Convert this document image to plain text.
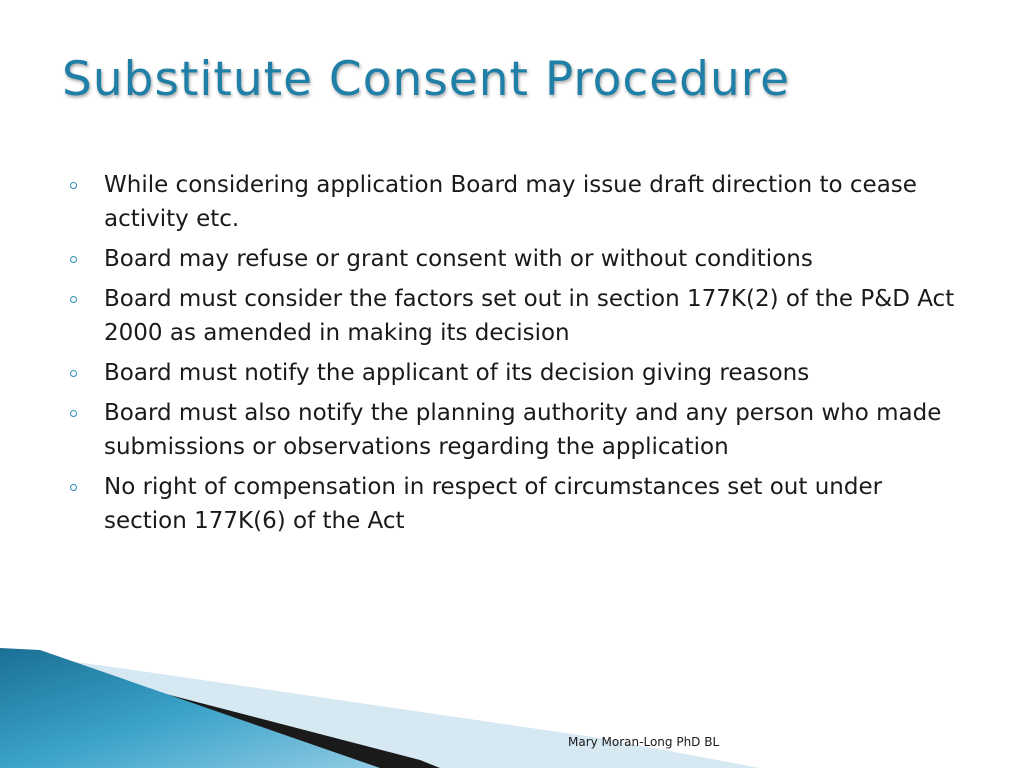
Substitute Consent Procedure
While considering application Board may issue draft direction to cease activity etc.
Board may refuse or grant consent with or without conditions
Board must consider the factors set out in section 177K(2) of the P&D Act 2000 as amended in making its decision
Board must notify the applicant of its decision giving reasons
Board must also notify the planning authority and any person who made submissions or observations regarding the application
No right of compensation in respect of circumstances set out under section 177K(6) of the Act
Mary Moran-Long PhD BL
